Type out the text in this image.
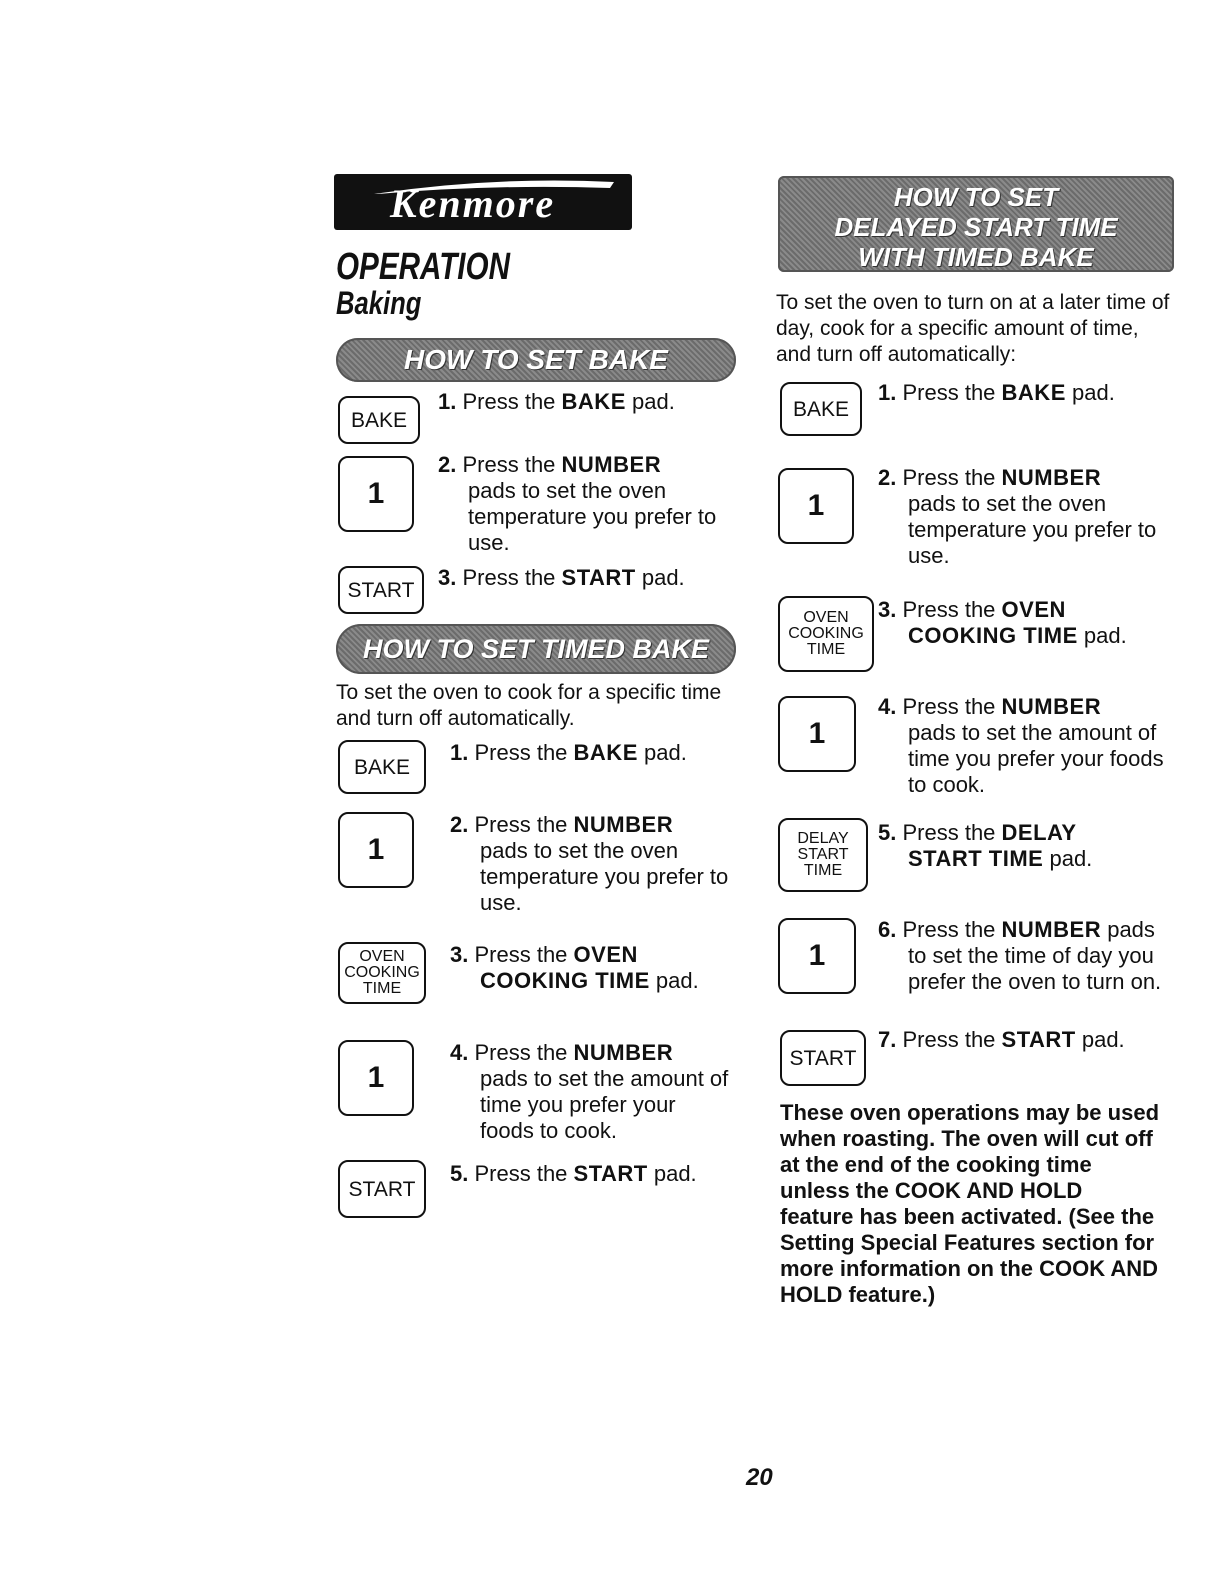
Kenmore
OPERATION
Baking
HOW TO SET BAKE
BAKE
1. Press the BAKE pad.
1
2. Press the NUMBER
pads to set the oven temperature you prefer to use.
START 3. Press the START pad.
HOW TO SET TIMED BAKE
To set the oven to cook for a specific time and turn off automatically.
BAKE
1. Press the BAKE pad.
1
2. Press the NUMBER
pads to set the oven temperature you prefer to use.
OVEN
COOKING
TIME
3. Press the OVEN
COOKING TIME pad.
1
4. Press the NUMBER
pads to set the amount of time you prefer your foods to cook.
START
5. Press the START pad.
HOW TO SET
DELAYED START TIME
WITH TIMED BAKE
To set the oven to turn on at a later time of day, cook for a specific amount of time, and turn off automatically:
BAKE
1. Press the BAKE pad.
1
2. Press the NUMBER
pads to set the oven temperature you prefer to use.
OVEN
COOKING
TIME
3. Press the OVEN
COOKING TIME pad.
1
4. Press the NUMBER
pads to set the amount of time you prefer your foods to cook.
DELAY
START
TIME
5. Press the DELAY
START TIME pad.
1
6. Press the NUMBER pads
to set the time of day you prefer the oven to turn on.
START
7. Press the START pad.
These oven operations may be used when roasting. The oven will cut off at the end of the cooking time unless the COOK AND HOLD feature has been activated. (See the Setting Special Features section for more information on the COOK AND HOLD feature.)
20
